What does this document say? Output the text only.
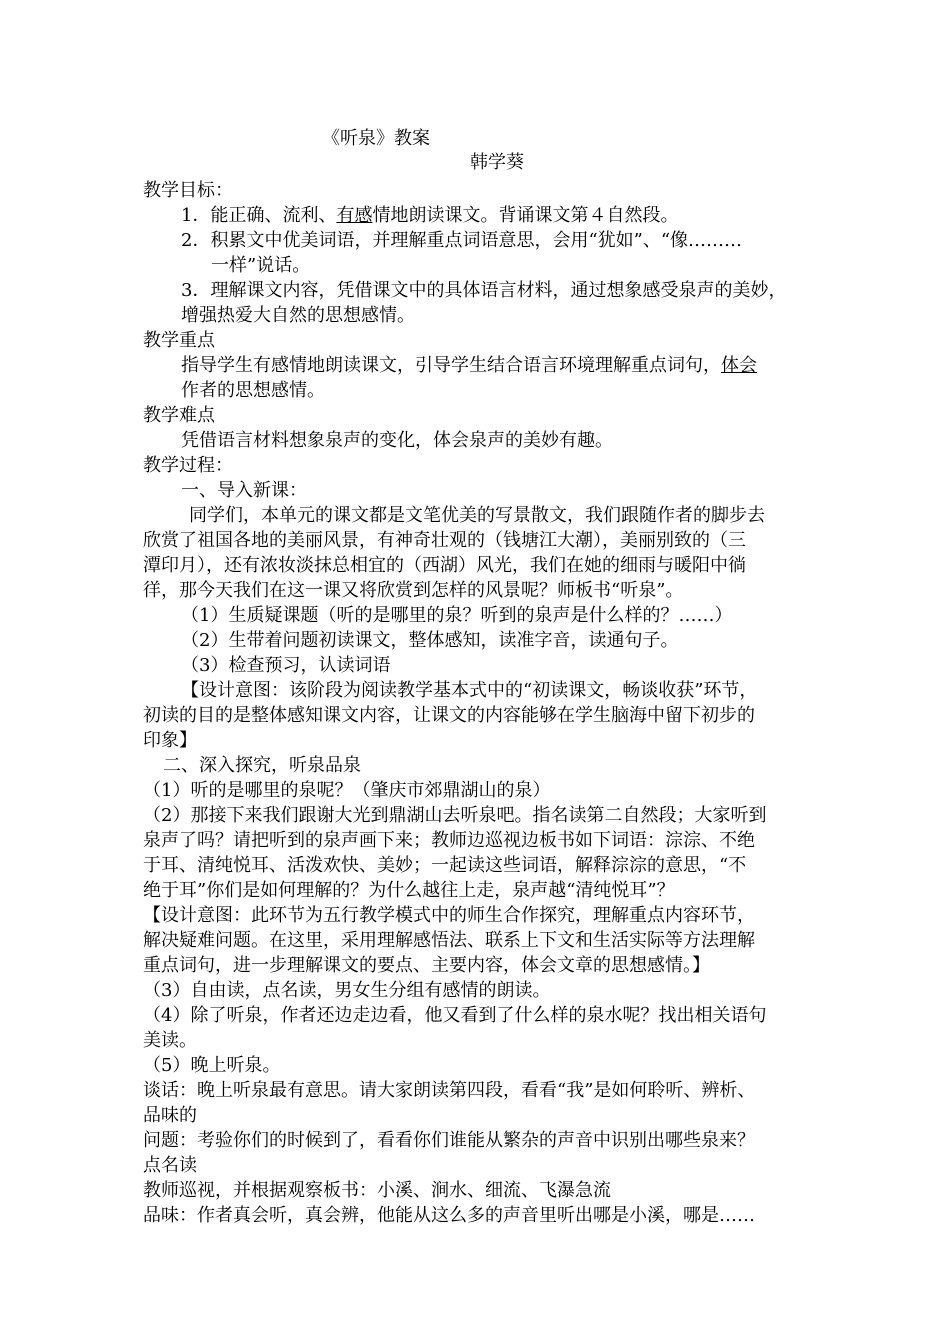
《听泉》教案

韩学葵

教学目标：

1．能正确、流利、有感情地朗读课文。背诵课文第４自然段。

2．积累文中优美词语，并理解重点词语意思，会用“犹如”、“像………

一样”说话。

3．理解课文内容，凭借课文中的具体语言材料，通过想象感受泉声的美妙，

增强热爱大自然的思想感情。

教学重点

指导学生有感情地朗读课文，引导学生结合语言环境理解重点词句，体会

作者的思想感情。

教学难点

凭借语言材料想象泉声的变化，体会泉声的美妙有趣。

教学过程：

一、导入新课：

同学们，本单元的课文都是文笔优美的写景散文，我们跟随作者的脚步去

欣赏了祖国各地的美丽风景，有神奇壮观的（钱塘江大潮），美丽别致的（三

潭印月），还有浓妆淡抹总相宜的（西湖）风光，我们在她的细雨与暖阳中徜

徉，那今天我们在这一课又将欣赏到怎样的风景呢？师板书“听泉”。

（1）生质疑课题（听的是哪里的泉？听到的泉声是什么样的？……）

（2）生带着问题初读课文，整体感知，读准字音，读通句子。

（3）检查预习，认读词语

【设计意图：该阶段为阅读教学基本式中的“初读课文，畅谈收获”环节，

初读的目的是整体感知课文内容，让课文的内容能够在学生脑海中留下初步的

印象】

二、深入探究，听泉品泉

（1）听的是哪里的泉呢？（肇庆市郊鼎湖山的泉）

（2）那接下来我们跟谢大光到鼎湖山去听泉吧。指名读第二自然段；大家听到

泉声了吗？请把听到的泉声画下来；教师边巡视边板书如下词语：淙淙、不绝

于耳、清纯悦耳、活泼欢快、美妙；一起读这些词语，解释淙淙的意思，“不

绝于耳”你们是如何理解的？为什么越往上走，泉声越“清纯悦耳”？

【设计意图：此环节为五行教学模式中的师生合作探究，理解重点内容环节，

解决疑难问题。在这里，采用理解感悟法、联系上下文和生活实际等方法理解

重点词句，进一步理解课文的要点、主要内容，体会文章的思想感情。】

（3）自由读，点名读，男女生分组有感情的朗读。

（4）除了听泉，作者还边走边看，他又看到了什么样的泉水呢？找出相关语句

美读。

（5）晚上听泉。

谈话：晚上听泉最有意思。请大家朗读第四段，看看“我”是如何聆听、辨析、

品味的

问题：考验你们的时候到了，看看你们谁能从繁杂的声音中识别出哪些泉来？

点名读

教师巡视，并根据观察板书：小溪、涧水、细流、飞瀑急流

品味：作者真会听，真会辨，他能从这么多的声音里听出哪是小溪，哪是……
